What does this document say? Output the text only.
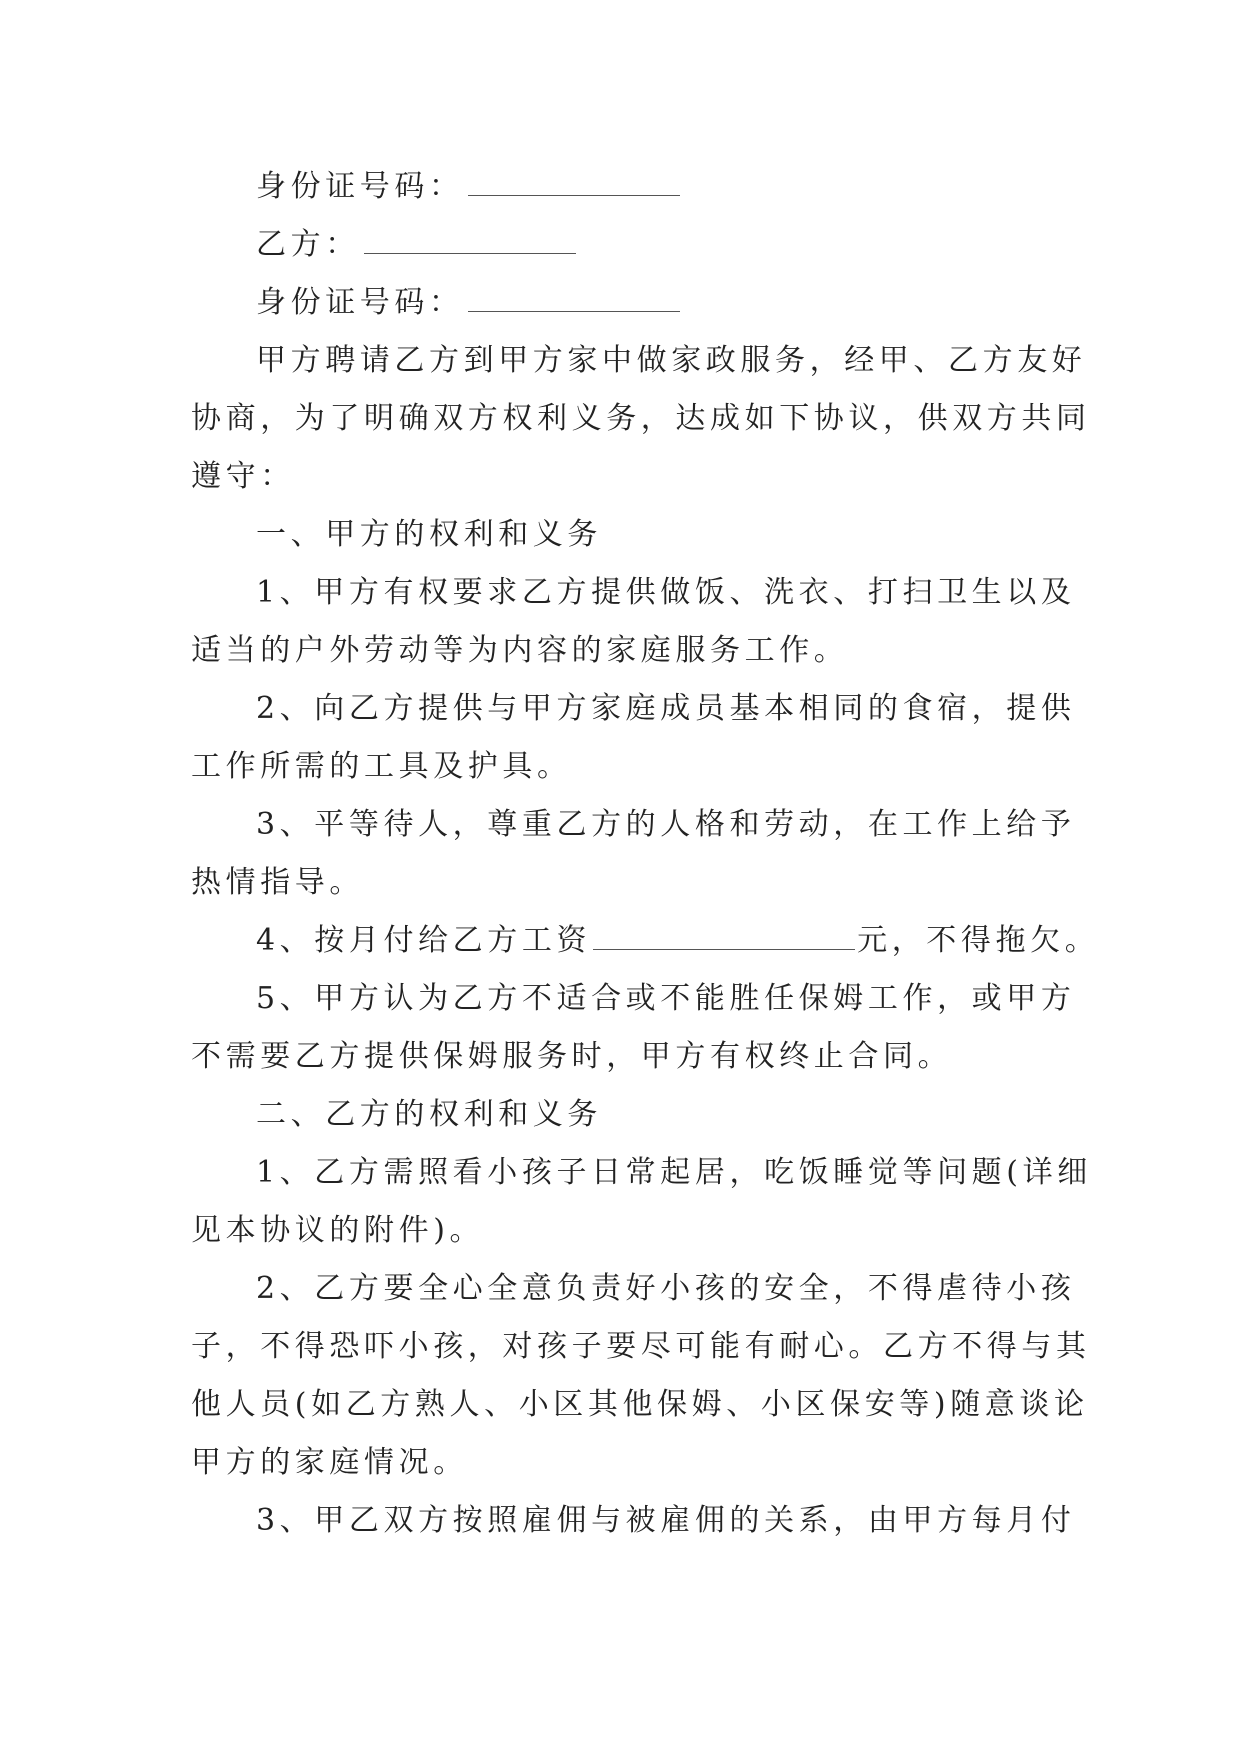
身份证号码：

乙方：

身份证号码：

甲方聘请乙方到甲方家中做家政服务，经甲、乙方友好

协商，为了明确双方权利义务，达成如下协议，供双方共同

遵守：

一、甲方的权利和义务

1、甲方有权要求乙方提供做饭、洗衣、打扫卫生以及

适当的户外劳动等为内容的家庭服务工作。

2、向乙方提供与甲方家庭成员基本相同的食宿，提供

工作所需的工具及护具。

3、平等待人，尊重乙方的人格和劳动，在工作上给予

热情指导。

4、按月付给乙方工资	元，不得拖欠。

5、甲方认为乙方不适合或不能胜任保姆工作，或甲方

不需要乙方提供保姆服务时，甲方有权终止合同。

二、乙方的权利和义务

1、乙方需照看小孩子日常起居，吃饭睡觉等问题(详细

见本协议的附件)。

2、乙方要全心全意负责好小孩的安全，不得虐待小孩

子，不得恐吓小孩，对孩子要尽可能有耐心。乙方不得与其

他人员(如乙方熟人、小区其他保姆、小区保安等)随意谈论

甲方的家庭情况。

3、甲乙双方按照雇佣与被雇佣的关系，由甲方每月付
